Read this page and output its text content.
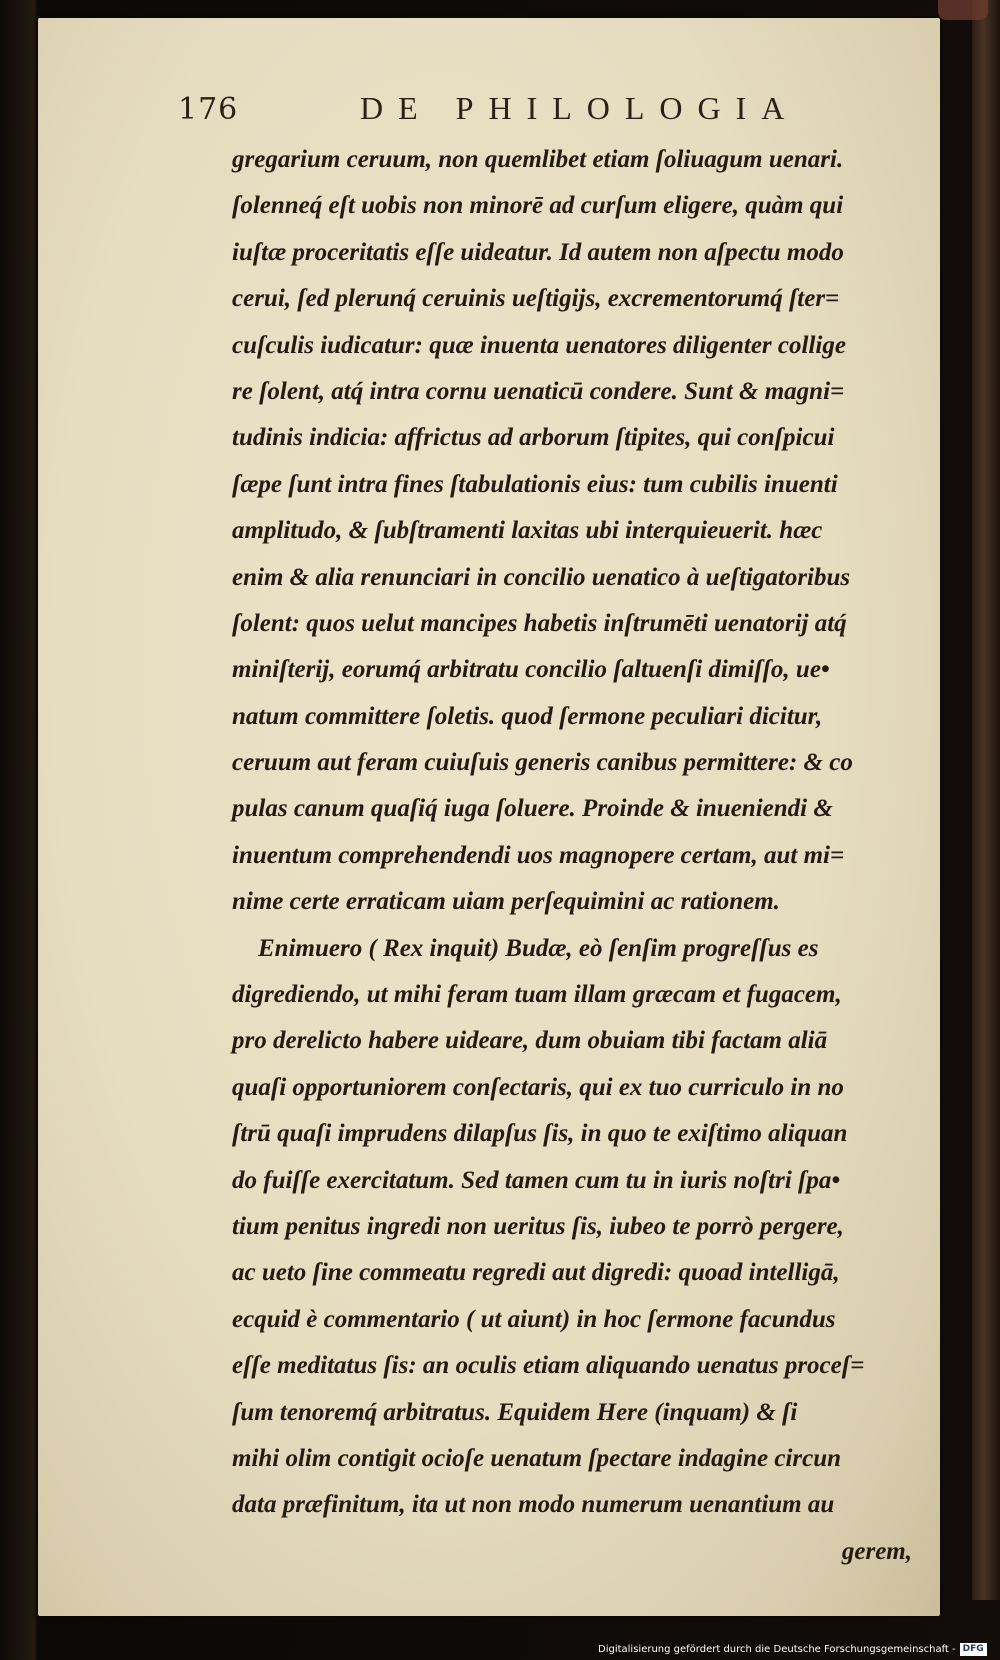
176	DE PHILOLOGIA
gregarium ceruum, non quemlibet etiam ſoliuagum uenari.
ſolenneq́ eſt uobis non minorē ad curſum eligere, quàm qui
iuſtæ proceritatis eſſe uideatur. Id autem non aſpectu modo
cerui, ſed plerunq́ ceruinis ueſtigijs, excrementorumq́ ſter=
cuſculis iudicatur: quæ inuenta uenatores diligenter collige
re ſolent, atq́ intra cornu uenaticū condere. Sunt & magni=
tudinis indicia: affrictus ad arborum ſtipites, qui conſpicui
ſæpe ſunt intra fines ſtabulationis eius: tum cubilis inuenti
amplitudo, & ſubſtramenti laxitas ubi interquieuerit. hæc
enim & alia renunciari in concilio uenatico à ueſtigatoribus
ſolent: quos uelut mancipes habetis inſtrumēti uenatorij atq́
miniſterij, eorumq́ arbitratu concilio ſaltuenſi dimiſſo, ue•
natum committere ſoletis. quod ſermone peculiari dicitur,
ceruum aut feram cuiuſuis generis canibus permittere: & co
pulas canum quaſiq́ iuga ſoluere. Proinde & inueniendi &
inuentum comprehendendi uos magnopere certam, aut mi=
nime certe erraticam uiam perſequimini ac rationem.
Enimuero ( Rex inquit) Budæ, eò ſenſim progreſſus es
digrediendo, ut mihi feram tuam illam græcam et fugacem,
pro derelicto habere uideare, dum obuiam tibi factam aliā
quaſi opportuniorem conſectaris, qui ex tuo curriculo in no
ſtrū quaſi imprudens dilapſus ſis, in quo te exiſtimo aliquan
do fuiſſe exercitatum. Sed tamen cum tu in iuris noſtri ſpa•
tium penitus ingredi non ueritus ſis, iubeo te porrò pergere,
ac ueto ſine commeatu regredi aut digredi: quoad intelligā,
ecquid è commentario ( ut aiunt) in hoc ſermone facundus
eſſe meditatus ſis: an oculis etiam aliquando uenatus proceſ=
ſum tenoremq́ arbitratus. Equidem Here (inquam) & ſi
mihi olim contigit ocioſe uenatum ſpectare indagine circun
data præfinitum, ita ut non modo numerum uenantium au
gerem,
Digitalisierung gefördert durch die Deutsche Forschungsgemeinschaft - DFG
